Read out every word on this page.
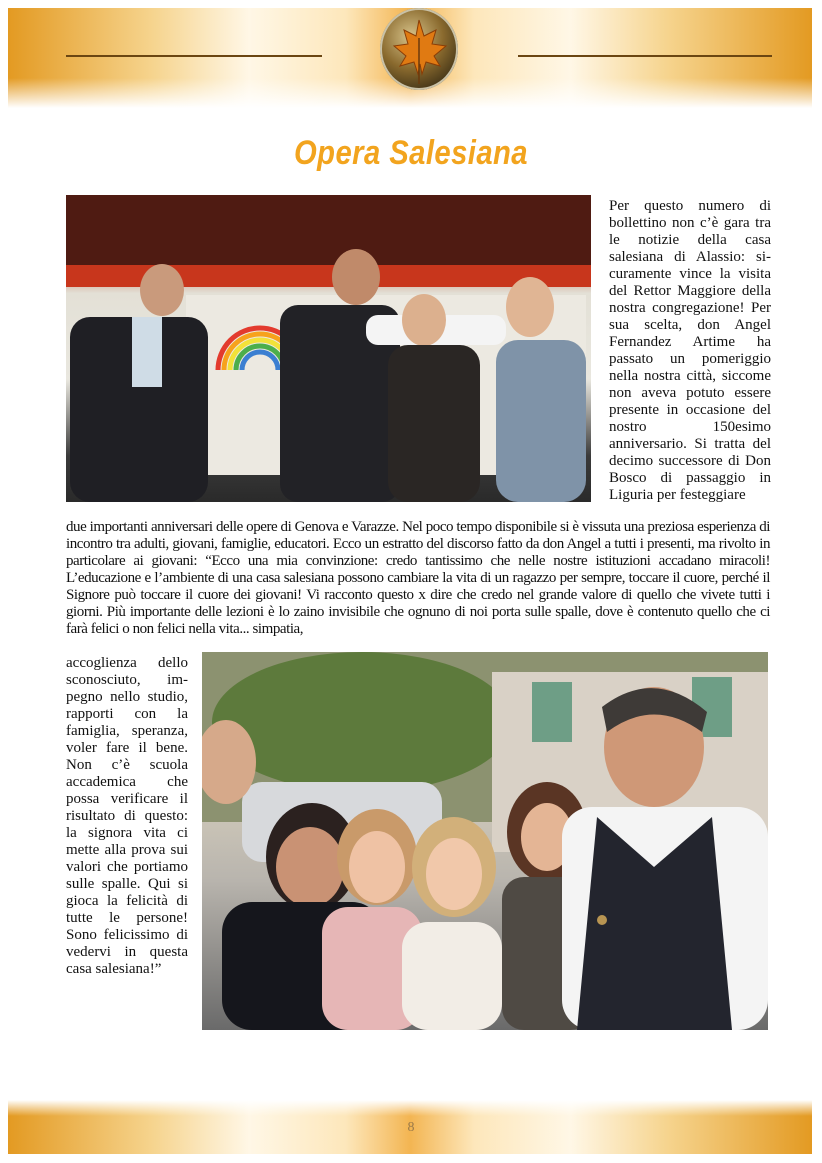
Opera Salesiana
Per questo numero di bollettino non c’è gara tra le notizie della casa salesiana di Alassio: sicuramente vince la visita del Rettor Maggiore della nostra congregazione! Per sua scelta, don Angel Fernandez Artime ha passato un pomeriggio nella nostra città, siccome non aveva potuto essere presente in occasione del nostro 150esimo anniversario. Si tratta del decimo successore di Don Bosco di passaggio in Liguria per festeggiare
due importanti anniversari delle opere di Genova e Varazze. Nel poco tempo disponibile si è vissuta una preziosa esperienza di incontro tra adulti, giovani, famiglie, educatori. Ecco un estratto del discorso fatto da don Angel a tutti i presenti, ma rivolto in particolare ai giovani: “Ecco una mia convinzione: credo tantissimo che nelle nostre istituzioni accadano miracoli! L’educazione e l’ambiente di una casa salesiana possono cambiare la vita di un ragazzo per sempre, toccare il cuore, perché il Signore può toccare il cuore dei giovani! Vi racconto questo x dire che credo nel grande valore di quello che vivete tutti i giorni. Più importante delle lezioni è lo zaino invisibile che ognuno di noi porta sulle spalle, dove è contenuto quello che ci farà felici o non felici nella vita... simpatia,
accoglienza dello sconosciuto, impegno nello studio, rapporti con la famiglia, speranza, voler fare il bene. Non c’è scuola accademica che possa verificare il risultato di questo: la signora vita ci mette alla prova sui valori che portiamo sulle spalle. Qui si gioca la felicità di tutte le persone! Sono felicissimo di vedervi in questa casa salesiana!”
8
